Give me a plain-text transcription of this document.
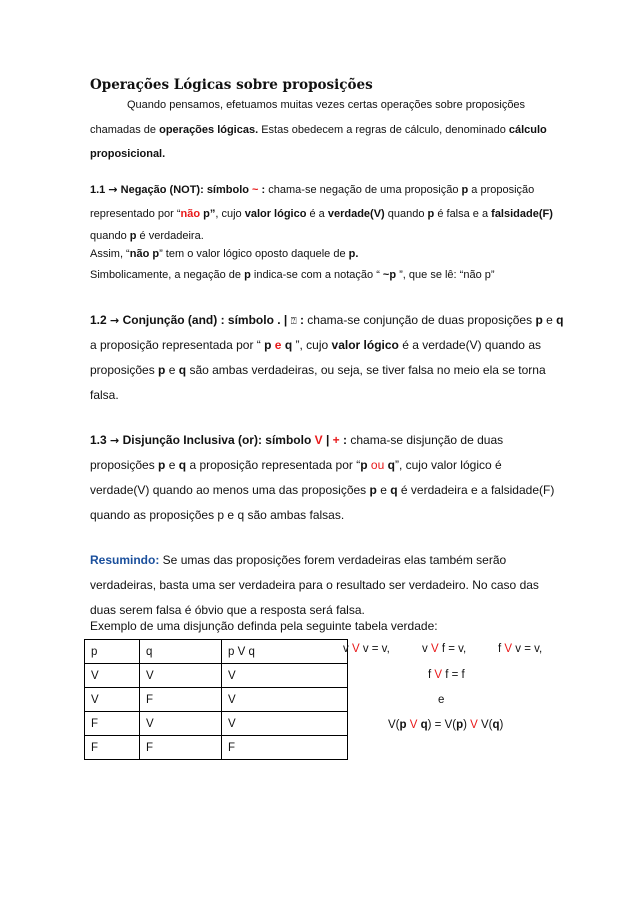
Operações Lógicas sobre proposições
Quando pensamos, efetuamos muitas vezes certas operações sobre proposições
chamadas de operações lógicas. Estas obedecem a regras de cálculo, denominado cálculo
proposicional.
1.1 → Negação (NOT): símbolo ~ : chama-se negação de uma proposição p a proposição
representado por “não p”, cujo valor lógico é a verdade(V) quando p é falsa e a falsidade(F)
quando p é verdadeira.
Assim, “não p” tem o valor lógico oposto daquele de p.
Simbolicamente, a negação de p indica-se com a notação “ ~p ”, que se lê: “não p”
1.2 → Conjunção (and) : símbolo . | ⍰ : chama-se conjunção de duas proposições p e q
a proposição representada por “ p e q ”, cujo valor lógico é a verdade(V) quando as
proposições p e q são ambas verdadeiras, ou seja, se tiver falsa no meio ela se torna
falsa.
1.3 → Disjunção Inclusiva (or): símbolo V | + : chama-se disjunção de duas
proposições p e q a proposição representada por “p ou q”, cujo valor lógico é
verdade(V) quando ao menos uma das proposições p e q é verdadeira e a falsidade(F)
quando as proposições p e q são ambas falsas.
Resumindo: Se umas das proposições forem verdadeiras elas também serão
verdadeiras, basta uma ser verdadeira para o resultado ser verdadeiro. No caso das
duas serem falsa é óbvio que a resposta será falsa.
Exemplo de uma disjunção definda pela seguinte tabela verdade:
p	q	p V q
V	V	V
V	F	V
F	V	V
F	F	F
v V v = v,	v V f = v,	f V v = v,
f V f = f
e
V(p V q) = V(p) V V(q)
